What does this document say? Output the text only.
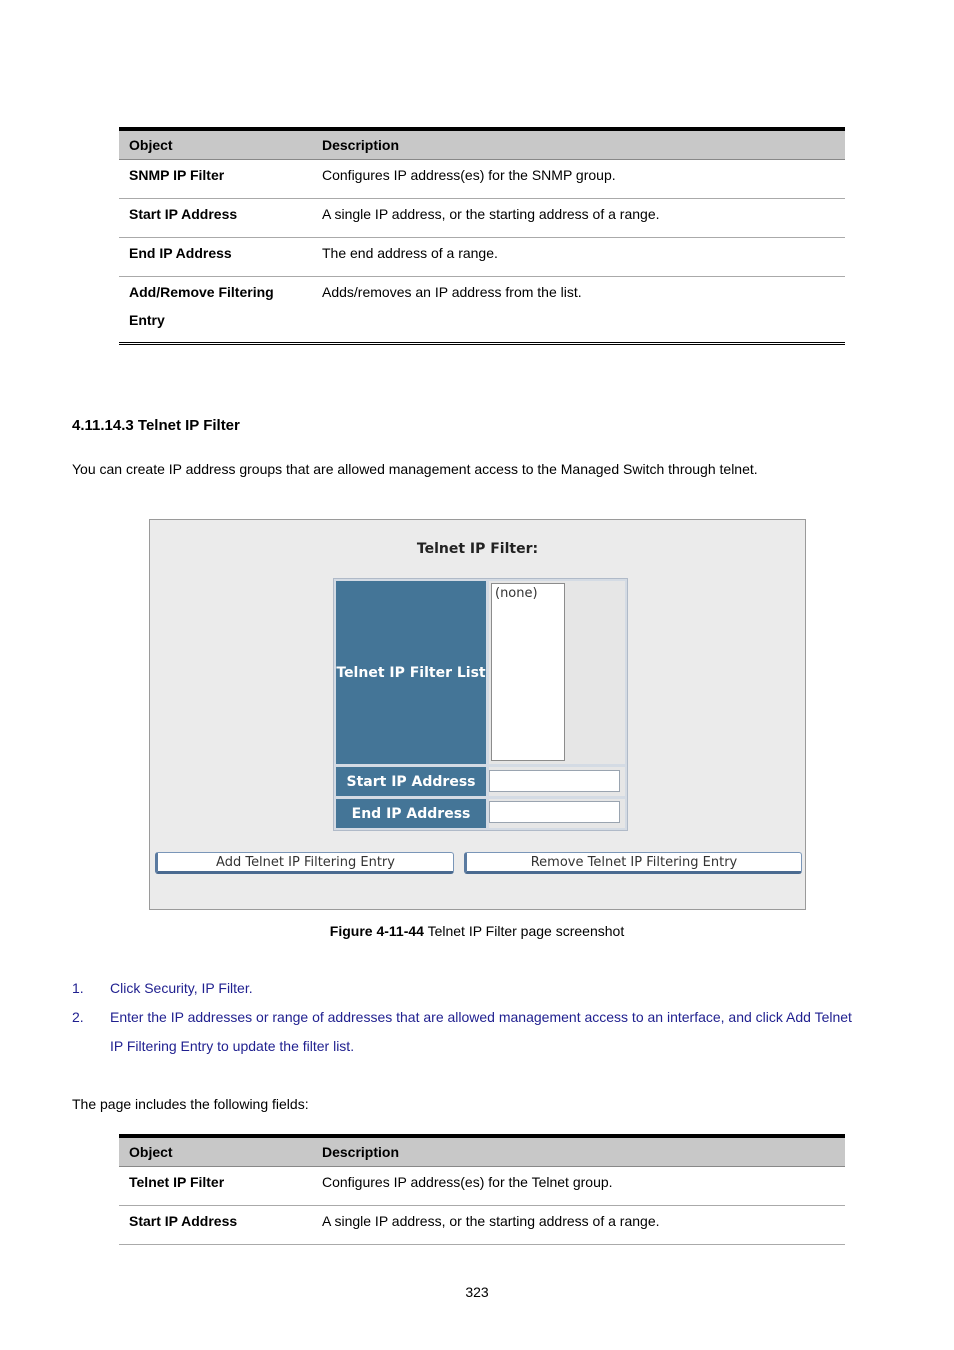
Object	Description

SNMP IP Filter	Configures IP address(es) for the SNMP group.

Start IP Address	A single IP address, or the starting address of a range.

End IP Address	The end address of a range.

Add/Remove Filtering
Entry	Adds/removes an IP address from the list.
4.11.14.3 Telnet IP Filter
You can create IP address groups that are allowed management access to the Managed Switch through telnet.
Telnet IP Filter:
Telnet IP Filter List
(none)
Start IP Address
End IP Address
Add Telnet IP Filtering Entry	Remove Telnet IP Filtering Entry
Figure 4-11-44 Telnet IP Filter page screenshot
1. Click Security, IP Filter.
2. Enter the IP addresses or range of addresses that are allowed management access to an interface, and click Add Telnet
IP Filtering Entry to update the filter list.
The page includes the following fields:

Object	Description

Telnet IP Filter	Configures IP address(es) for the Telnet group.

Start IP Address	A single IP address, or the starting address of a range.
323
